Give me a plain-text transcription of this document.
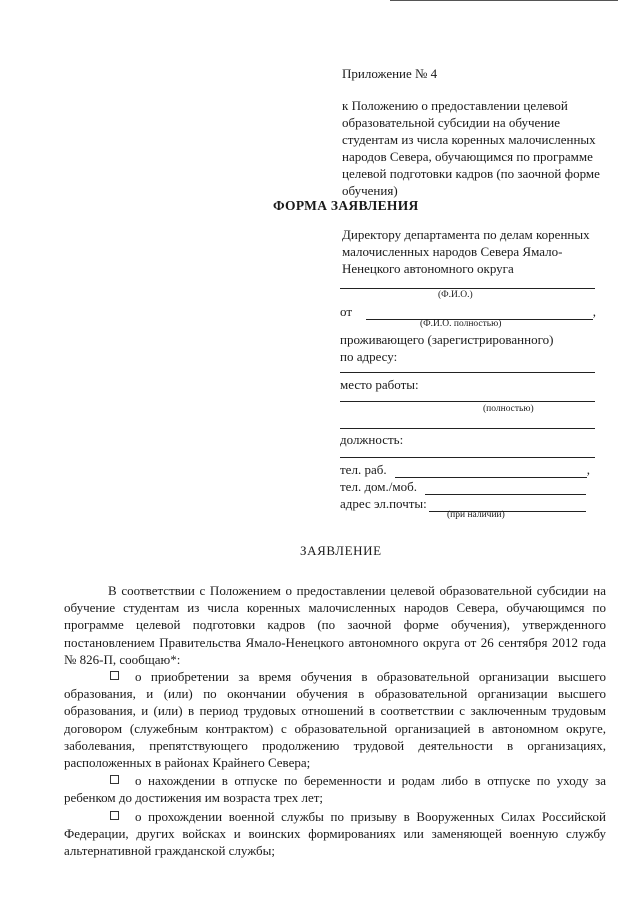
Приложение № 4
к Положению о предоставлении целевой
образовательной субсидии на обучение
студентам из числа коренных малочисленных
народов Севера, обучающимся по программе
целевой подготовки кадров (по заочной форме
обучения)
ФОРМА ЗАЯВЛЕНИЯ
Директору департамента по делам коренных
малочисленных народов Севера Ямало-
Ненецкого автономного округа
(Ф.И.О.)
от	,
(Ф.И.О. полностью)
проживающего (зарегистрированного)
по адресу:
место работы:
(полностью)
должность:
тел. раб.	,
тел. дом./моб.
адрес эл.почты:
(при наличии)
ЗАЯВЛЕНИЕ

В соответствии с Положением о предоставлении целевой образовательной субсидии на обучение студентам из числа коренных малочисленных народов Севера, обучающимся по программе целевой подготовки кадров (по заочной форме обучения), утвержденного постановлением Правительства Ямало-Ненецкого автономного округа от 26 сентября 2012 года № 826-П, сообщаю*:

о приобретении за время обучения в образовательной организации высшего образования, и (или) по окончании обучения в образовательной организации высшего образования, и (или) в период трудовых отношений в соответствии с заключенным трудовым договором (служебным контрактом) с образовательной организацией в автономном округе, заболевания, препятствующего продолжению трудовой деятельности в организациях, расположенных в районах Крайнего Севера;

о нахождении в отпуске по беременности и родам либо в отпуске по уходу за ребенком до достижения им возраста трех лет;

о прохождении военной службы по призыву в Вооруженных Силах Российской Федерации, других войсках и воинских формированиях или заменяющей военную службу альтернативной гражданской службы;
